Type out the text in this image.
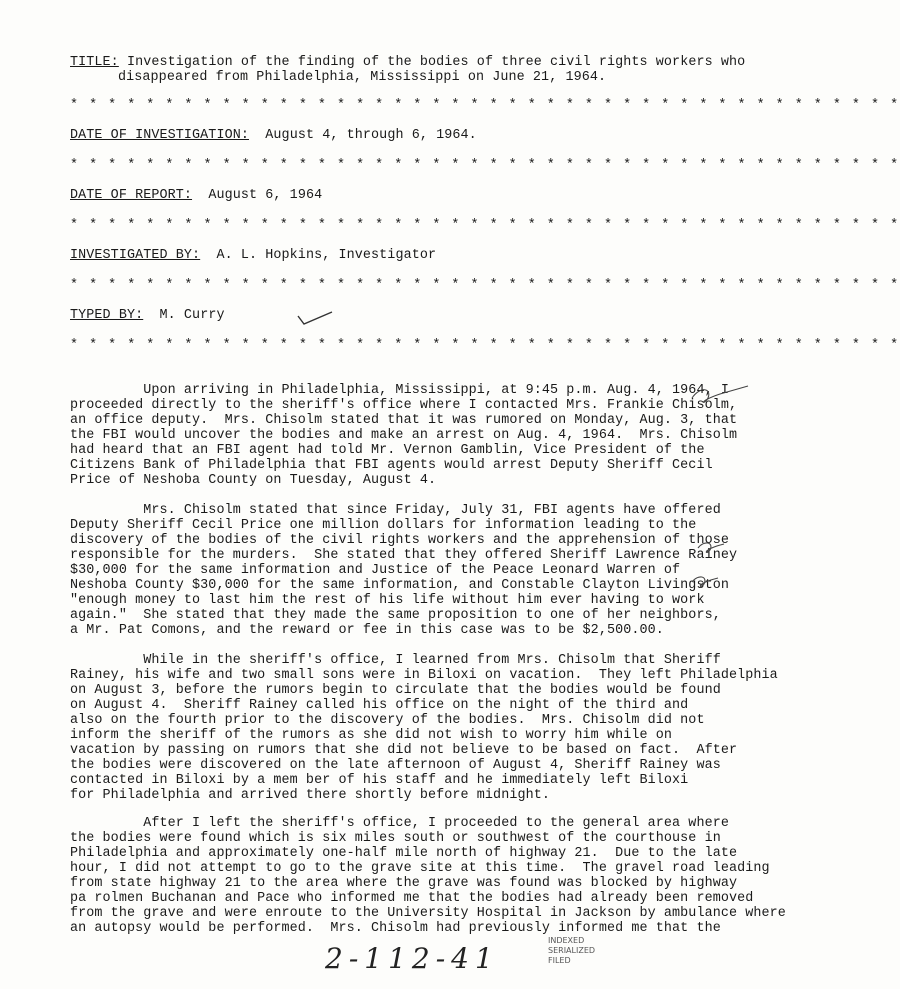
TITLE: Investigation of the finding of the bodies of three civil rights workers who
disappeared from Philadelphia, Mississippi on June 21, 1964.
* * * * * * * * * * * * * * * * * * * * * * * * * * * * * * * * * * * * * * * * * * * *
DATE OF INVESTIGATION: August 4, through 6, 1964.
* * * * * * * * * * * * * * * * * * * * * * * * * * * * * * * * * * * * * * * * * * * *
DATE OF REPORT: August 6, 1964
* * * * * * * * * * * * * * * * * * * * * * * * * * * * * * * * * * * * * * * * * * * *
INVESTIGATED BY: A. L. Hopkins, Investigator
* * * * * * * * * * * * * * * * * * * * * * * * * * * * * * * * * * * * * * * * * * * *
TYPED BY: M. Curry
* * * * * * * * * * * * * * * * * * * * * * * * * * * * * * * * * * * * * * * * * * * *
Upon arriving in Philadelphia, Mississippi, at 9:45 p.m. Aug. 4, 1964, I
proceeded directly to the sheriff's office where I contacted Mrs. Frankie Chisolm,
an office deputy.  Mrs. Chisolm stated that it was rumored on Monday, Aug. 3, that
the FBI would uncover the bodies and make an arrest on Aug. 4, 1964.  Mrs. Chisolm
had heard that an FBI agent had told Mr. Vernon Gamblin, Vice President of the
Citizens Bank of Philadelphia that FBI agents would arrest Deputy Sheriff Cecil
Price of Neshoba County on Tuesday, August 4.
Mrs. Chisolm stated that since Friday, July 31, FBI agents have offered
Deputy Sheriff Cecil Price one million dollars for information leading to the
discovery of the bodies of the civil rights workers and the apprehension of those
responsible for the murders.  She stated that they offered Sheriff Lawrence Rainey
$30,000 for the same information and Justice of the Peace Leonard Warren of
Neshoba County $30,000 for the same information, and Constable Clayton Livingston
"enough money to last him the rest of his life without him ever having to work
again."  She stated that they made the same proposition to one of her neighbors,
a Mr. Pat Comons, and the reward or fee in this case was to be $2,500.00.
While in the sheriff's office, I learned from Mrs. Chisolm that Sheriff
Rainey, his wife and two small sons were in Biloxi on vacation.  They left Philadelphia
on August 3, before the rumors begin to circulate that the bodies would be found
on August 4.  Sheriff Rainey called his office on the night of the third and
also on the fourth prior to the discovery of the bodies.  Mrs. Chisolm did not
inform the sheriff of the rumors as she did not wish to worry him while on
vacation by passing on rumors that she did not believe to be based on fact.  After
the bodies were discovered on the late afternoon of August 4, Sheriff Rainey was
contacted in Biloxi by a mem ber of his staff and he immediately left Biloxi
for Philadelphia and arrived there shortly before midnight.
After I left the sheriff's office, I proceeded to the general area where
the bodies were found which is six miles south or southwest of the courthouse in
Philadelphia and approximately one-half mile north of highway 21.  Due to the late
hour, I did not attempt to go to the grave site at this time.  The gravel road leading
from state highway 21 to the area where the grave was found was blocked by highway
pa rolmen Buchanan and Pace who informed me that the bodies had already been removed
from the grave and were enroute to the University Hospital in Jackson by ambulance where
an autopsy would be performed.  Mrs. Chisolm had previously informed me that the
2-112-41
INDEXED
SERIALIZED
FILED
